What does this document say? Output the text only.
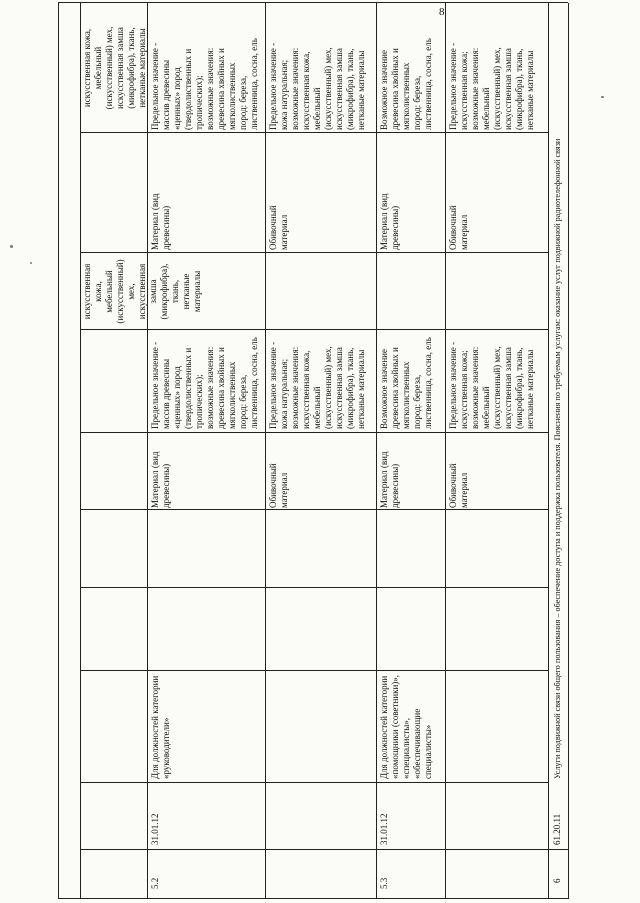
8
искусственная кожа,
мебельный
(искусственный) мех,
искусственная замша
(микрофибра), ткань,
нетканые материалы
искусственная кожа,
мебельный
(искусственный) мех,
искусственная замша
(микрофибра), ткань,
нетканые материалы
5.2
31.01.12
Для должностей категории
«руководители»
Материал (вид
древесины)
Предельное значение -
массив древесины
«ценных» пород
(твердолиственных и
тропических);
возможные значения:
древесина хвойных и
мягколиственных
пород: береза,
лиственница, сосна, ель
Материал (вид
древесины)
Предельное значение -
массив древесины
«ценных» пород
(твердолиственных и
тропических);
возможные значения:
древесина хвойных и
мягколиственных
пород: береза,
лиственница, сосна, ель
Обивочный
материал
Предельное значение -
кожа натуральная;
возможные значения:
искусственная кожа,
мебельный
(искусственный) мех,
искусственная замша
(микрофибра), ткань,
нетканые материалы
Обивочный
материал
Предельное значение -
кожа натуральная;
возможные значения:
искусственная кожа,
мебельный
(искусственный) мех,
искусственная замша
(микрофибра), ткань,
нетканые материалы
5.3
31.01.12
Для должностей категории
«помощники (советники)»,
«специалисты»,
«обеспечивающие
специалисты»
Материал (вид
древесины)
Возможное значение
древесина хвойных и
мягколиственных
пород: береза,
лиственница, сосна, ель
Материал (вид
древесины)
Возможное значение
древесина хвойных и
мягколиственных
пород: береза,
лиственница, сосна, ель
Обивочный
материал
Предельное значение -
искусственная кожа;
возможные значения:
мебельный
(искусственный) мех,
искусственная замша
(микрофибра), ткань,
нетканые материалы
Обивочный
материал
Предельное значение -
искусственная кожа;
возможные значения:
мебельный
(искусственный) мех,
искусственная замша
(микрофибра), ткань,
нетканые материалы
6
61.20.11
Услуги подвижной связи общего пользования – обеспечение доступа и поддержка пользователя. Пояснения по требуемым услугам: оказание услуг подвижной радиотелефонной связи
